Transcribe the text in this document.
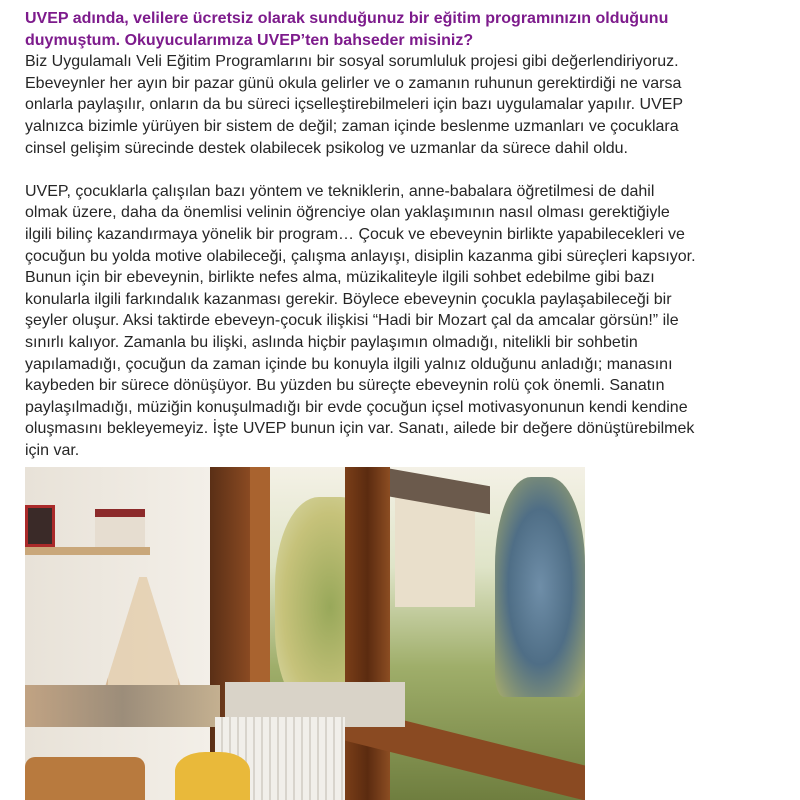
UVEP adında, velilere ücretsiz olarak sunduğunuz bir eğitim programınızın olduğunu
duymuştum. Okuyucularımıza UVEP’ten bahseder misiniz?
Biz Uygulamalı Veli Eğitim Programlarını bir sosyal sorumluluk projesi gibi değerlendiriyoruz.
Ebeveynler her ayın bir pazar günü okula gelirler ve o zamanın ruhunun gerektirdiği ne varsa
onlarla paylaşılır, onların da bu süreci içselleştirebilmeleri için bazı uygulamalar yapılır. UVEP
yalnızca bizimle yürüyen bir sistem de değil; zaman içinde beslenme uzmanları ve çocuklara
cinsel gelişim sürecinde destek olabilecek psikolog ve uzmanlar da sürece dahil oldu.
UVEP, çocuklarla çalışılan bazı yöntem ve tekniklerin, anne-babalara öğretilmesi de dahil
olmak üzere, daha da önemlisi velinin öğrenciye olan yaklaşımının nasıl olması gerektiğiyle
ilgili bilinç kazandırmaya yönelik bir program… Çocuk ve ebeveynin birlikte yapabilecekleri ve
çocuğun bu yolda motive olabileceği, çalışma anlayışı, disiplin kazanma gibi süreçleri kapsıyor.
Bunun için bir ebeveynin, birlikte nefes alma, müzikaliteyle ilgili sohbet edebilme gibi bazı
konularla ilgili farkındalık kazanması gerekir. Böylece ebeveynin çocukla paylaşabileceği bir
şeyler oluşur. Aksi taktirde ebeveyn-çocuk ilişkisi “Hadi bir Mozart çal da amcalar görsün!” ile
sınırlı kalıyor. Zamanla bu ilişki, aslında hiçbir paylaşımın olmadığı, nitelikli bir sohbetin
yapılamadığı, çocuğun da zaman içinde bu konuyla ilgili yalnız olduğunu anladığı; manasını
kaybeden bir sürece dönüşüyor. Bu yüzden bu süreçte ebeveynin rolü çok önemli. Sanatın
paylaşılmadığı, müziğin konuşulmadığı bir evde çocuğun içsel motivasyonunun kendi kendine
oluşmasını bekleyemeyiz. İşte UVEP bunun için var. Sanatı, ailede bir değere dönüştürebilmek
için var.
